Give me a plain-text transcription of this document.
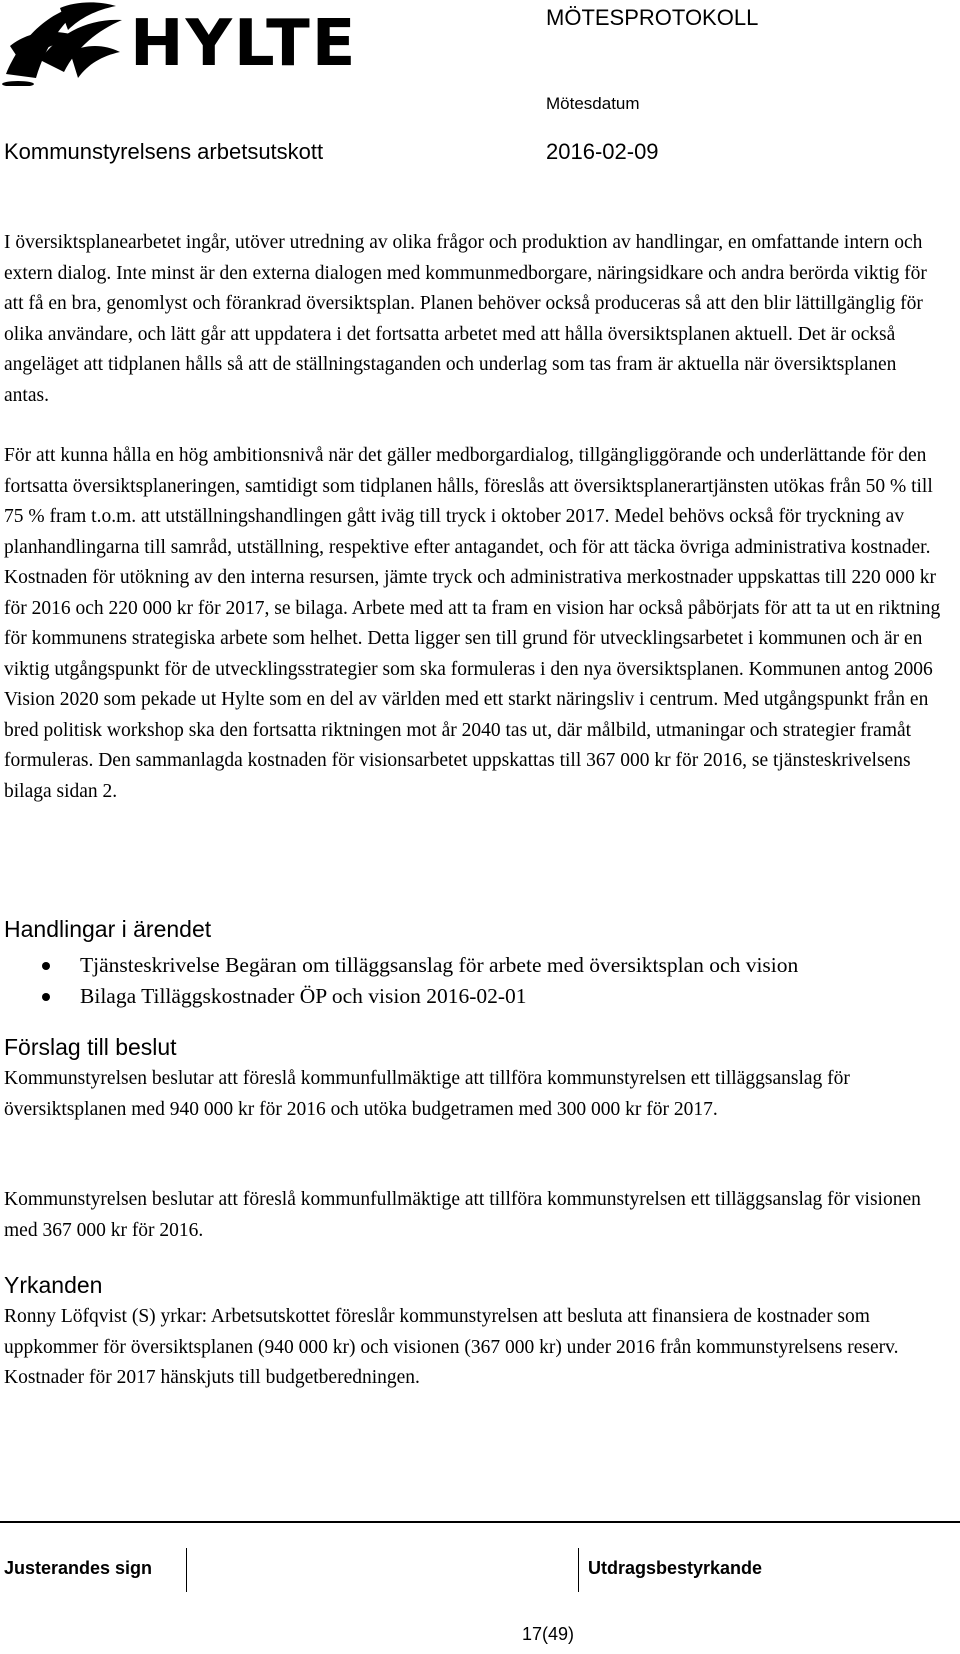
HYLTE	MÖTESPROTOKOLL
Mötesdatum
Kommunstyrelsens arbetsutskott	2016-02-09
I översiktsplanearbetet ingår, utöver utredning av olika frågor och produktion av handlingar, en omfattande intern och extern dialog. Inte minst är den externa dialogen med kommunmedborgare, näringsidkare och andra berörda viktig för att få en bra, genomlyst och förankrad översiktsplan. Planen behöver också produceras så att den blir lättillgänglig för olika användare, och lätt går att uppdatera i det fortsatta arbetet med att hålla översiktsplanen aktuell. Det är också angeläget att tidplanen hålls så att de ställningstaganden och underlag som tas fram är aktuella när översiktsplanen antas.
För att kunna hålla en hög ambitionsnivå när det gäller medborgardialog, tillgängliggörande och underlättande för den fortsatta översiktsplaneringen, samtidigt som tidplanen hålls, föreslås att översiktsplanerartjänsten utökas från 50 % till 75 % fram t.o.m. att utställningshandlingen gått iväg till tryck i oktober 2017. Medel behövs också för tryckning av planhandlingarna till samråd, utställning, respektive efter antagandet, och för att täcka övriga administrativa kostnader. Kostnaden för utökning av den interna resursen, jämte tryck och administrativa merkostnader uppskattas till 220 000 kr för 2016 och 220 000 kr för 2017, se bilaga. Arbete med att ta fram en vision har också påbörjats för att ta ut en riktning för kommunens strategiska arbete som helhet. Detta ligger sen till grund för utvecklingsarbetet i kommunen och är en viktig utgångspunkt för de utvecklingsstrategier som ska formuleras i den nya översiktsplanen. Kommunen antog 2006 Vision 2020 som pekade ut Hylte som en del av världen med ett starkt näringsliv i centrum. Med utgångspunkt från en bred politisk workshop ska den fortsatta riktningen mot år 2040 tas ut, där målbild, utmaningar och strategier framåt formuleras. Den sammanlagda kostnaden för visionsarbetet uppskattas till 367 000 kr för 2016, se tjänsteskrivelsens bilaga sidan 2.
Handlingar i ärendet
Tjänsteskrivelse Begäran om tilläggsanslag för arbete med översiktsplan och vision
Bilaga Tilläggskostnader ÖP och vision 2016-02-01
Förslag till beslut
Kommunstyrelsen beslutar att föreslå kommunfullmäktige att tillföra kommunstyrelsen ett tilläggsanslag för översiktsplanen med 940 000 kr för 2016 och utöka budgetramen med 300 000 kr för 2017.
Kommunstyrelsen beslutar att föreslå kommunfullmäktige att tillföra kommunstyrelsen ett tilläggsanslag för visionen med 367 000 kr för 2016.
Yrkanden
Ronny Löfqvist (S) yrkar: Arbetsutskottet föreslår kommunstyrelsen att besluta att finansiera de kostnader som uppkommer för översiktsplanen (940 000 kr) och visionen (367 000 kr) under 2016 från kommunstyrelsens reserv. Kostnader för 2017 hänskjuts till budgetberedningen.
Justerandes sign	Utdragsbestyrkande
17(49)
